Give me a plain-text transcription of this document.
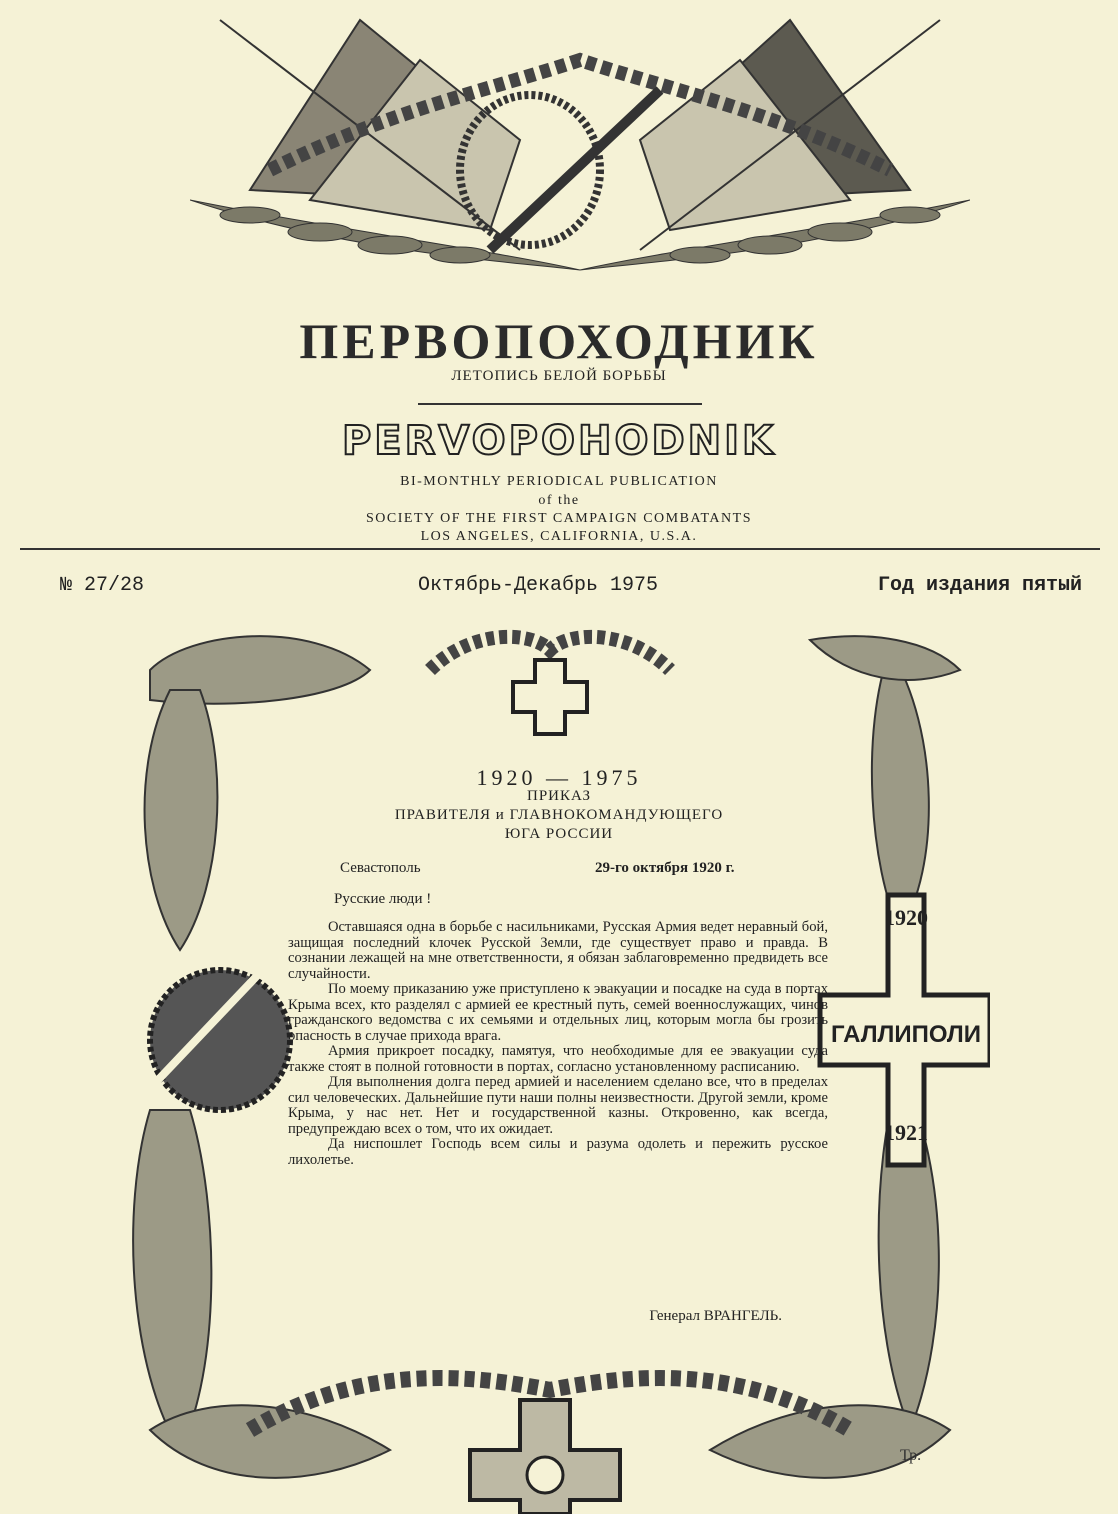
ПЕРВОПОХОДНИК
ЛЕТОПИСЬ БЕЛОЙ БОРЬБЫ
PERVOPOHODNIK
BI-MONTHLY PERIODICAL PUBLICATION
of the
SOCIETY OF THE FIRST CAMPAIGN COMBATANTS
LOS ANGELES, CALIFORNIA, U.S.A.
№ 27/28	Октябрь-Декабрь 1975	Год издания пятый
1920
ГАЛЛИПОЛИ
1921
Тр.
1920 — 1975
ПРИКАЗ
ПРАВИТЕЛЯ и ГЛАВНОКОМАНДУЮЩЕГО
ЮГА РОССИИ
Севастополь	29-го октября 1920 г.
Русские люди !

Оставшаяся одна в борьбе с насильниками, Русская Армия ведет неравный бой, защищая последний клочек Русской Земли, где существует право и правда. В сознании лежащей на мне ответственности, я обязан заблаговременно предвидеть все случайности.

По моему приказанию уже приступлено к эвакуации и посадке на суда в портах Крыма всех, кто разделял с армией ее крестный путь, семей военнослужащих, чинов гражданского ведомства с их семьями и отдельных лиц, которым могла бы грозить опасность в случае прихода врага.

Армия прикроет посадку, памятуя, что необходимые для ее эвакуации суда также стоят в полной готовности в портах, согласно установленному расписанию.

Для выполнения долга перед армией и населением сделано все, что в пределах сил человеческих. Дальнейшие пути наши полны неизвестности. Другой земли, кроме Крыма, у нас нет. Нет и государственной казны. Откровенно, как всегда, предупреждаю всех о том, что их ожидает.

Да ниспошлет Господь всем силы и разума одолеть и пережить русское лихолетье.

Генерал ВРАНГЕЛЬ.
